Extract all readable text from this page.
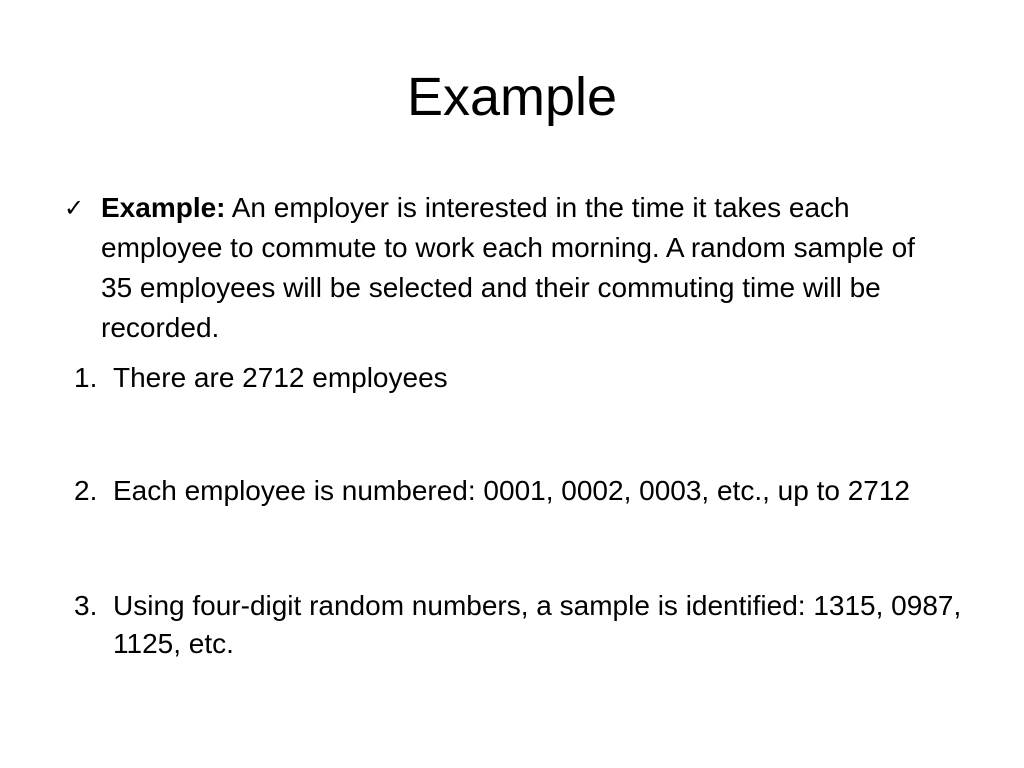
Example
✓ Example: An employer is interested in the time it takes each employee to commute to work each morning. A random sample of 35 employees will be selected and their commuting time will be recorded.
1. There are 2712 employees
2. Each employee is numbered: 0001, 0002, 0003, etc., up to 2712
3. Using four-digit random numbers, a sample is identified: 1315, 0987, 1125, etc.
